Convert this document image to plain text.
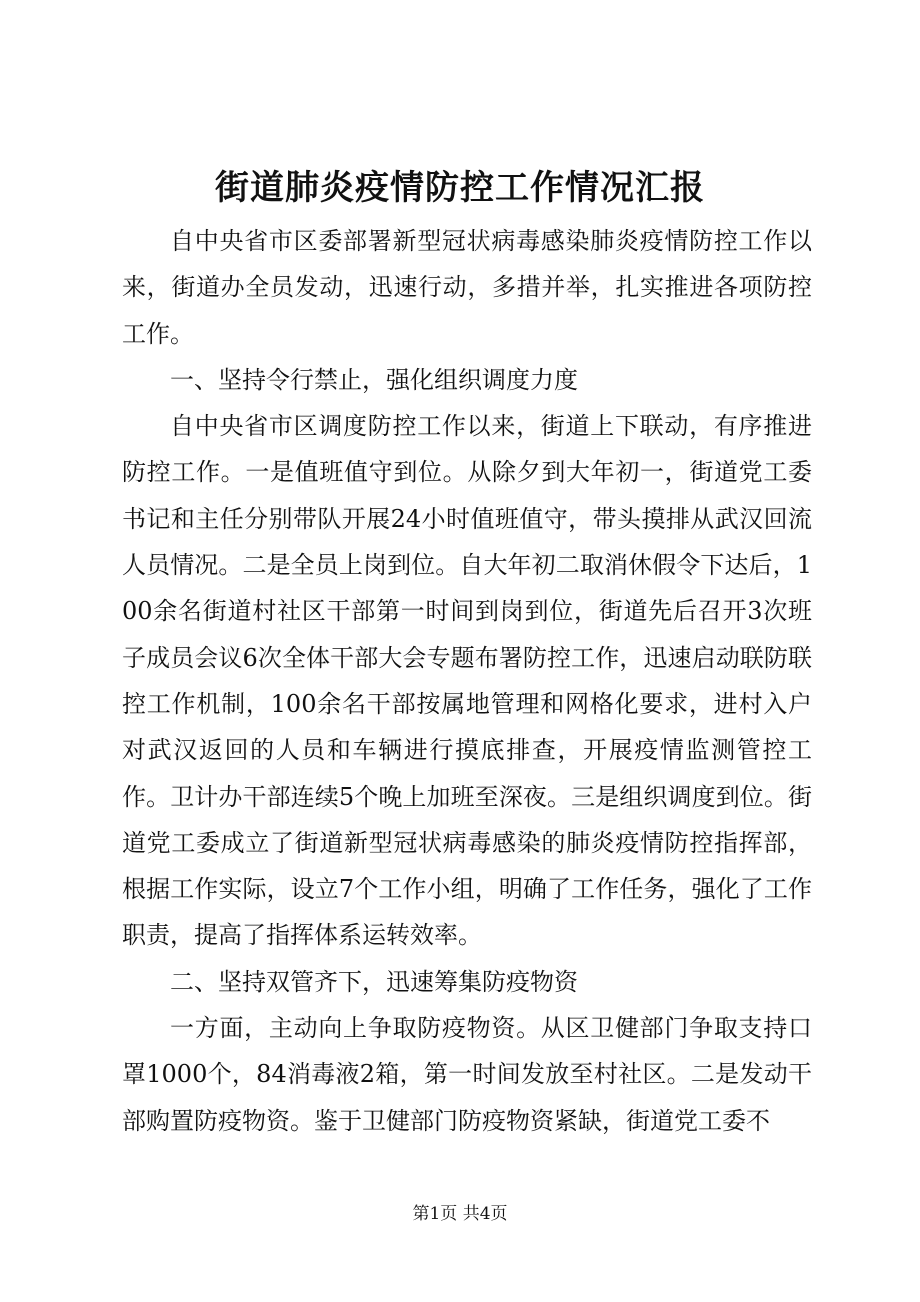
街道肺炎疫情防控工作情况汇报

自中央省市区委部署新型冠状病毒感染肺炎疫情防控工作以来，街道办全员发动，迅速行动，多措并举，扎实推进各项防控工作。

一、坚持令行禁止，强化组织调度力度

自中央省市区调度防控工作以来，街道上下联动，有序推进防控工作。一是值班值守到位。从除夕到大年初一，街道党工委书记和主任分别带队开展24小时值班值守，带头摸排从武汉回流人员情况。二是全员上岗到位。自大年初二取消休假令下达后，100余名街道村社区干部第一时间到岗到位，街道先后召开3次班子成员会议6次全体干部大会专题布署防控工作，迅速启动联防联控工作机制，100余名干部按属地管理和网格化要求，进村入户对武汉返回的人员和车辆进行摸底排查，开展疫情监测管控工作。卫计办干部连续5个晚上加班至深夜。三是组织调度到位。街道党工委成立了街道新型冠状病毒感染的肺炎疫情防控指挥部，根据工作实际，设立7个工作小组，明确了工作任务，强化了工作职责，提高了指挥体系运转效率。

二、坚持双管齐下，迅速筹集防疫物资

一方面，主动向上争取防疫物资。从区卫健部门争取支持口罩1000个，84消毒液2箱，第一时间发放至村社区。二是发动干部购置防疫物资。鉴于卫健部门防疫物资紧缺，街道党工委不

第1页 共4页
